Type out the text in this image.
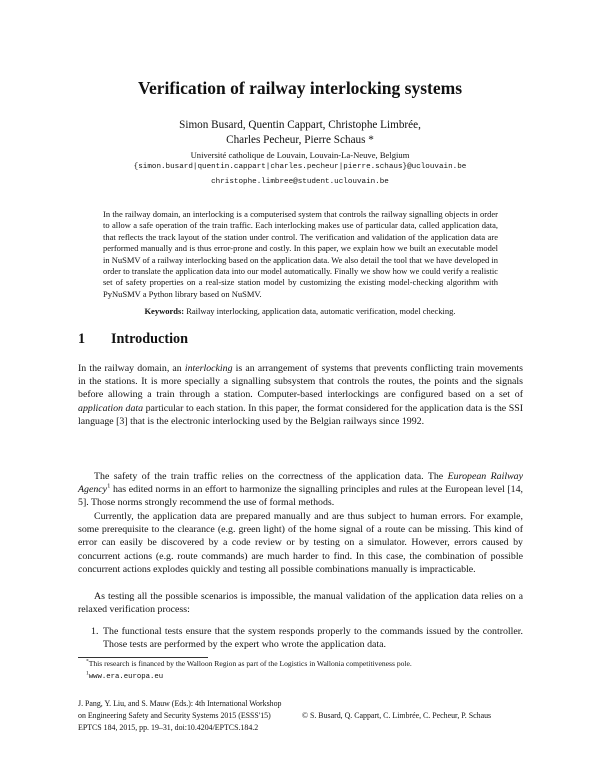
Verification of railway interlocking systems
Simon Busard, Quentin Cappart, Christophe Limbrée,
Charles Pecheur, Pierre Schaus *
Université catholique de Louvain, Louvain-La-Neuve, Belgium
{simon.busard|quentin.cappart|charles.pecheur|pierre.schaus}@uclouvain.be
christophe.limbree@student.uclouvain.be

In the railway domain, an interlocking is a computerised system that controls the railway signalling objects in order to allow a safe operation of the train traffic. Each interlocking makes use of particular data, called application data, that reflects the track layout of the station under control. The verification and validation of the application data are performed manually and is thus error-prone and costly. In this paper, we explain how we built an executable model in NuSMV of a railway interlocking based on the application data. We also detail the tool that we have developed in order to translate the application data into our model automatically. Finally we show how we could verify a realistic set of safety properties on a real-size station model by customizing the existing model-checking algorithm with PyNuSMV a Python library based on NuSMV.

Keywords: Railway interlocking, application data, automatic verification, model checking.
1 Introduction

In the railway domain, an interlocking is an arrangement of systems that prevents conflicting train movements in the stations. It is more specially a signalling subsystem that controls the routes, the points and the signals before allowing a train through a station. Computer-based interlockings are configured based on a set of application data particular to each station. In this paper, the format considered for the application data is the SSI language [3] that is the electronic interlocking used by the Belgian railways since 1992.

The safety of the train traffic relies on the correctness of the application data. The European Railway Agency$^1$ has edited norms in an effort to harmonize the signalling principles and rules at the European level [14, 5]. Those norms strongly recommend the use of formal methods.

Currently, the application data are prepared manually and are thus subject to human errors. For example, some prerequisite to the clearance (e.g. green light) of the home signal of a route can be missing. This kind of error can easily be discovered by a code review or by testing on a simulator. However, errors caused by concurrent actions (e.g. route commands) are much harder to find. In this case, the combination of possible concurrent actions explodes quickly and testing all possible combinations manually is impracticable.

As testing all the possible scenarios is impossible, the manual validation of the application data relies on a relaxed verification process:

1. The functional tests ensure that the system responds properly to the commands issued by the controller. Those tests are performed by the expert who wrote the application data.
*This research is financed by the Walloon Region as part of the Logistics in Wallonia competitiveness pole.
$^1$www.era.europa.eu
J. Pang, Y. Liu, and S. Mauw (Eds.): 4th International Workshop
on Engineering Safety and Security Systems 2015 (ESSS'15)
EPTCS 184, 2015, pp. 19–31, doi:10.4204/EPTCS.184.2
© S. Busard, Q. Cappart, C. Limbrée, C. Pecheur, P. Schaus
